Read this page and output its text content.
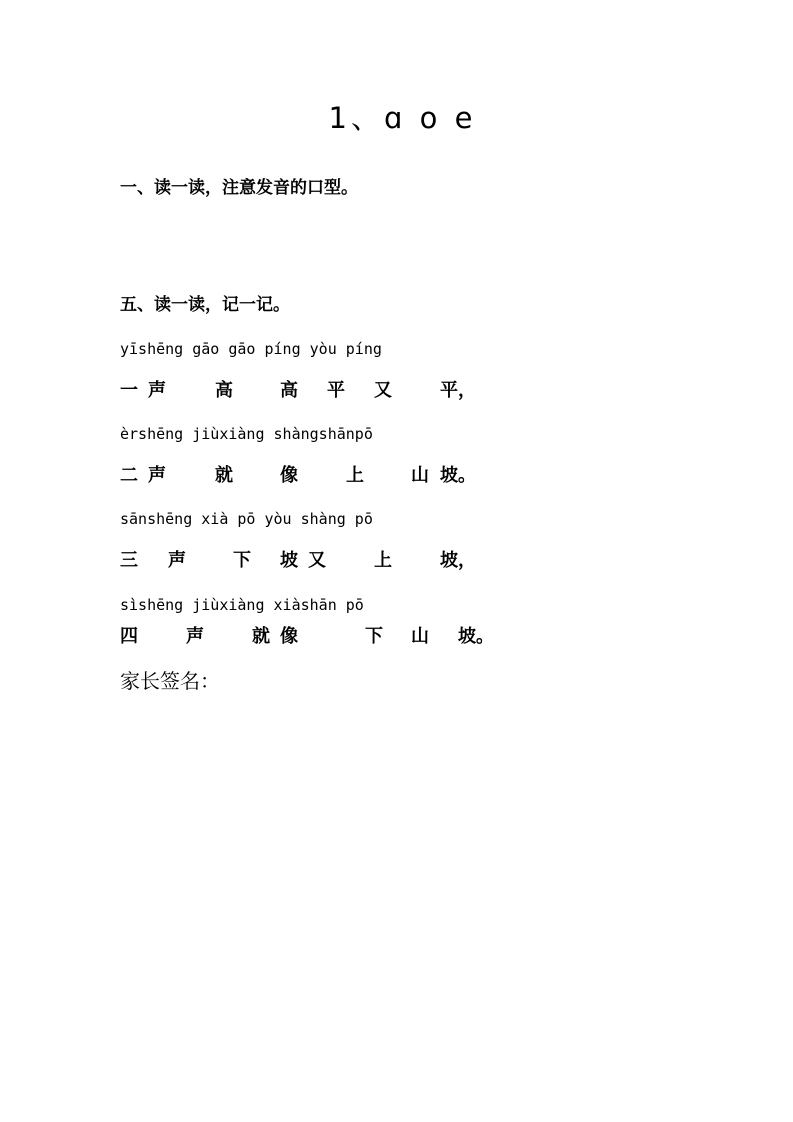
1、ɑ o e
一、读一读，注意发音的口型。
五、读一读，记一记。
yīshēng gāo gāo píng yòu píng
一 声	高	高 平 又	平，
èrshēng jiùxiàng shàngshānpō
二 声	就	像	上	山 坡。
sānshēng xià pō yòu shàng pō
三 声	下 坡 又	上	坡，
sìshēng jiùxiàng xiàshān pō
四	声	就 像	下 山 坡。
家长签名：
